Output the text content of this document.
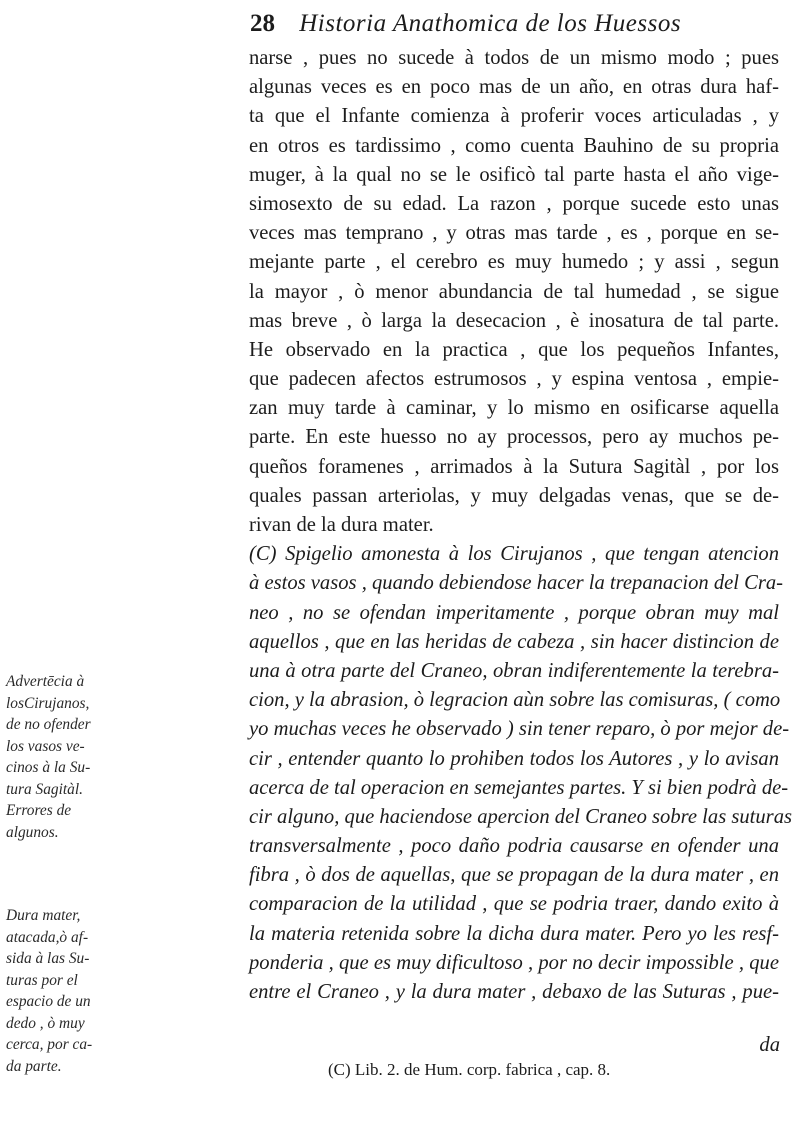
28 Historia Anathomica de los Huessos
narse , pues no sucede à todos de un mismo modo ; pues
algunas veces es en poco mas de un año, en otras dura haf-
ta que el Infante comienza à proferir voces articuladas , y
en otros es tardissimo , como cuenta Bauhino de su propria
muger, à la qual no se le osificò tal parte hasta el año vige-
simosexto de su edad. La razon , porque sucede esto unas
veces mas temprano , y otras mas tarde , es , porque en se-
mejante parte , el cerebro es muy humedo ; y assi , segun
la mayor , ò menor abundancia de tal humedad , se sigue
mas breve , ò larga la desecacion , è inosatura de tal parte.
He observado en la practica , que los pequeños Infantes,
que padecen afectos estrumosos , y espina ventosa , empie-
zan muy tarde à caminar, y lo mismo en osificarse aquella
parte. En este huesso no ay processos, pero ay muchos pe-
queños foramenes , arrimados à la Sutura Sagitàl , por los
quales passan arteriolas, y muy delgadas venas, que se de-
rivan de la dura mater.
(C) Spigelio amonesta à los Cirujanos , que tengan atencion
à estos vasos , quando debiendose hacer la trepanacion del Cra-
neo , no se ofendan imperitamente , porque obran muy mal
aquellos , que en las heridas de cabeza , sin hacer distincion de
una à otra parte del Craneo, obran indiferentemente la terebra-
cion, y la abrasion, ò legracion aùn sobre las comisuras, ( como
yo muchas veces he observado ) sin tener reparo, ò por mejor de-
cir , entender quanto lo prohiben todos los Autores , y lo avisan
acerca de tal operacion en semejantes partes. Y si bien podrà de-
cir alguno, que haciendose apercion del Craneo sobre las suturas
transversalmente , poco daño podria causarse en ofender una
fibra , ò dos de aquellas, que se propagan de la dura mater , en
comparacion de la utilidad , que se podria traer, dando exito à
la materia retenida sobre la dicha dura mater. Pero yo les resf-
ponderia , que es muy dificultoso , por no decir impossible , que
entre el Craneo , y la dura mater , debaxo de las Suturas , pue-
Advertēcia à
losCirujanos,
de no ofender
los vasos ve-
cinos à la Su-
tura Sagitàl.
Errores de
algunos.
Dura mater,
atacada,ò af-
sida à las Su-
turas por el
espacio de un
dedo , ò muy
cerca, por ca-
da parte.
da
(C) Lib. 2. de Hum. corp. fabrica , cap. 8.
